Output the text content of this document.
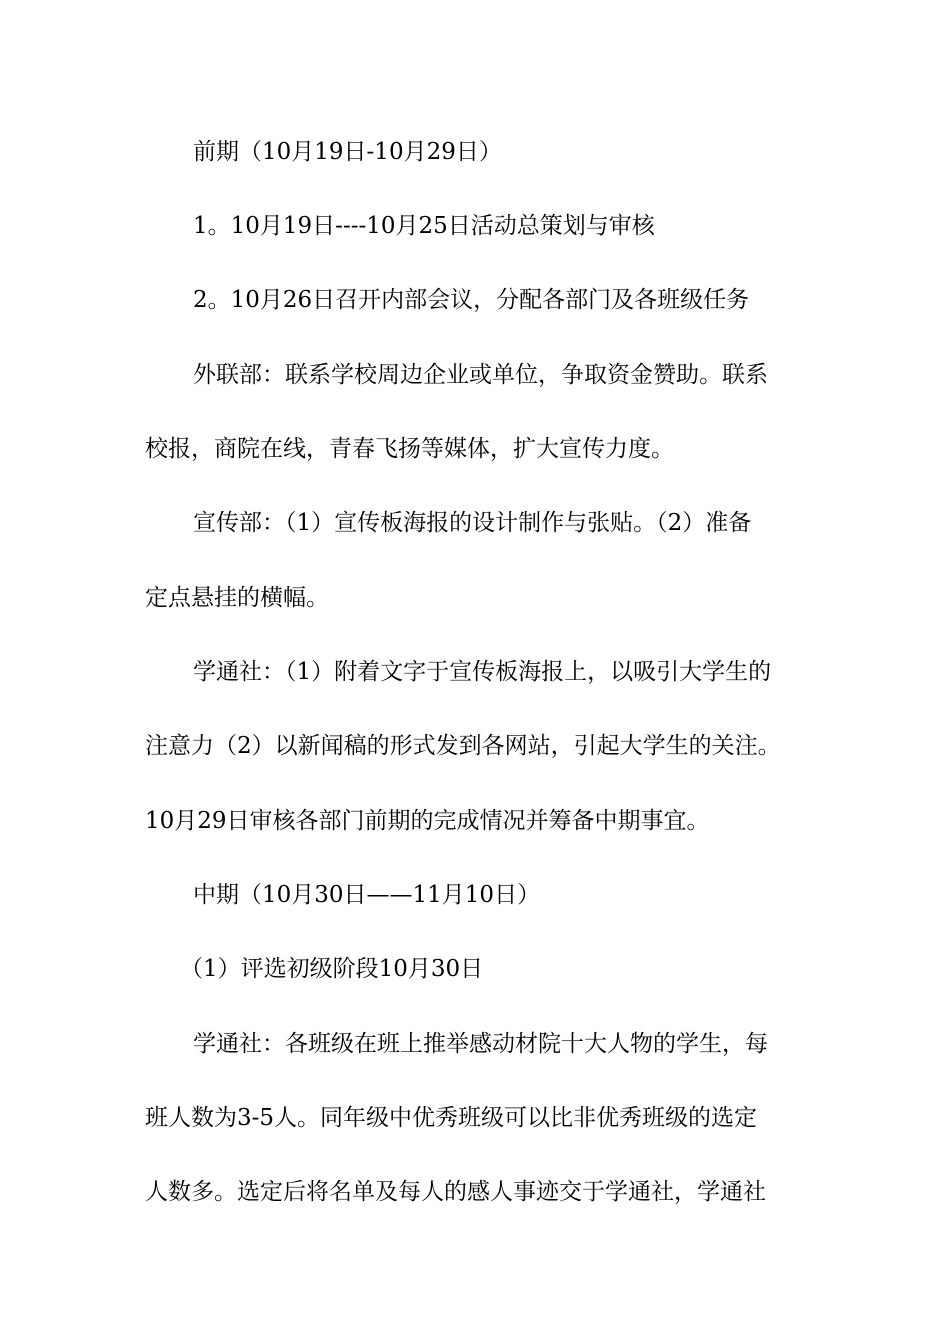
前期（10月19日-10月29日）
1。10月19日----10月25日活动总策划与审核
2。10月26日召开内部会议，分配各部门及各班级任务
外联部：联系学校周边企业或单位，争取资金赞助。联系
校报，商院在线，青春飞扬等媒体，扩大宣传力度。
宣传部：（1）宣传板海报的设计制作与张贴。（2）准备
定点悬挂的横幅。
学通社：（1）附着文字于宣传板海报上，以吸引大学生的
注意力（2）以新闻稿的形式发到各网站，引起大学生的关注。
10月29日审核各部门前期的完成情况并筹备中期事宜。
中期（10月30日——11月10日）
（1）评选初级阶段10月30日
学通社：各班级在班上推举感动材院十大人物的学生，每
班人数为3-5人。同年级中优秀班级可以比非优秀班级的选定
人数多。选定后将名单及每人的感人事迹交于学通社，学通社
